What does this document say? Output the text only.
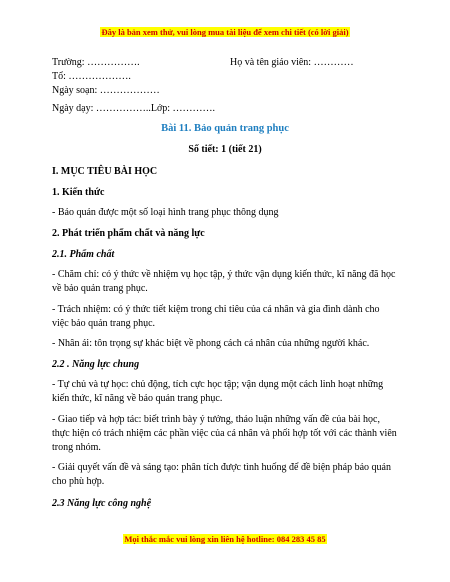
Đây là bản xem thử, vui lòng mua tài liệu để xem chi tiết (có lời giải)
Trường: …………….	Họ và tên giáo viên: …………
Tổ: ……………….
Ngày soạn: ………………
Ngày dạy: ……………..Lớp: ………….
Bài 11. Bảo quản trang phục
Số tiết: 1 (tiết 21)
I. MỤC TIÊU BÀI HỌC
1. Kiến thức
- Bảo quản được một số loại hình trang phục thông dụng
2. Phát triển phẩm chất và năng lực
2.1. Phẩm chất
- Chăm chỉ: có ý thức về nhiệm vụ học tập, ý thức vận dụng kiến thức, kĩ năng đã học về bảo quản trang phục.
- Trách nhiệm: có ý thức tiết kiệm trong chi tiêu của cá nhân và gia đình dành cho việc bảo quản trang phục.
- Nhân ái: tôn trọng sự khác biệt về phong cách cá nhân của những người khác.
2.2 . Năng lực chung
- Tự chủ và tự học: chủ động, tích cực học tập; vận dụng một cách linh hoạt những kiến thức, kĩ năng về bảo quản trang phục.
- Giao tiếp và hợp tác: biết trình bày ý tưởng, thảo luận những vấn đề của bài học, thực hiện có trách nhiệm các phần việc của cá nhân và phối hợp tốt với các thành viên trong nhóm.
- Giải quyết vấn đề và sáng tạo: phân tích được tình huống để đề biện pháp bảo quản cho phù hợp.
2.3 Năng lực công nghệ
Mọi thắc mắc vui lòng xin liên hệ hotline: 084 283 45 85
